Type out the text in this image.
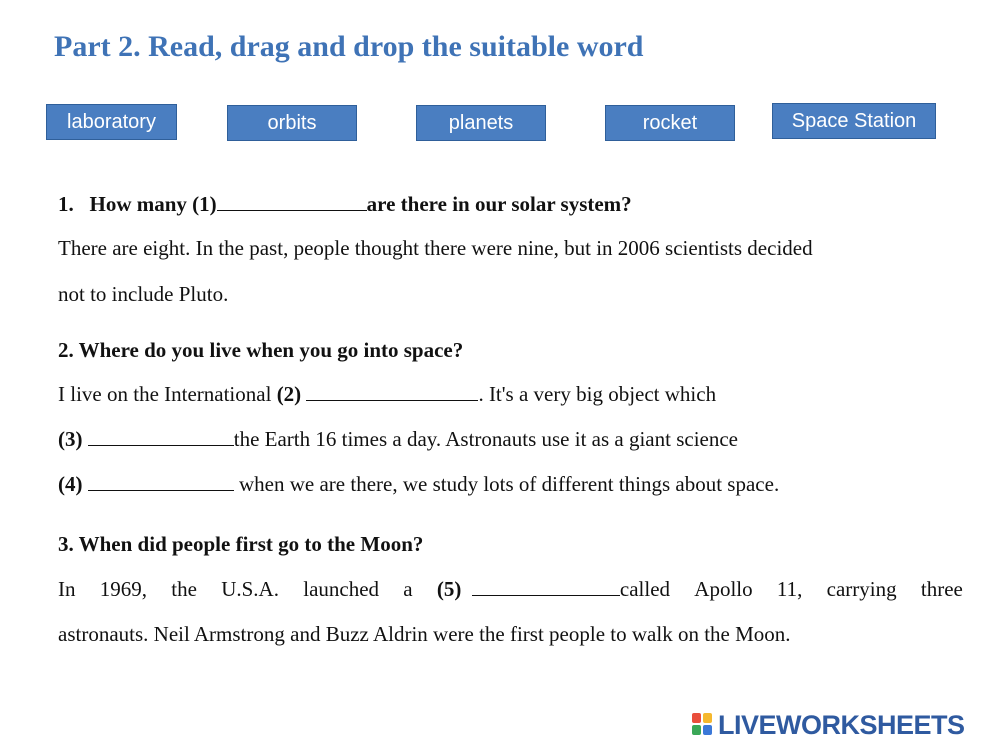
Part 2. Read, drag and drop the suitable word
laboratory	orbits	planets	rocket	Space Station
1. How many (1)	are there in our solar system?
There are eight. In the past, people thought there were nine, but in 2006 scientists decided
not to include Pluto.
2. Where do you live when you go into space?
I live on the International (2)	. It's a very big object which
(3)	the Earth 16 times a day. Astronauts use it as a giant science
(4)	when we are there, we study lots of different things about space.
3. When did people first go to the Moon?
In 1969, the U.S.A. launched a (5)	called Apollo 11, carrying three
astronauts. Neil Armstrong and Buzz Aldrin were the first people to walk on the Moon.
LIVEWORKSHEETS
